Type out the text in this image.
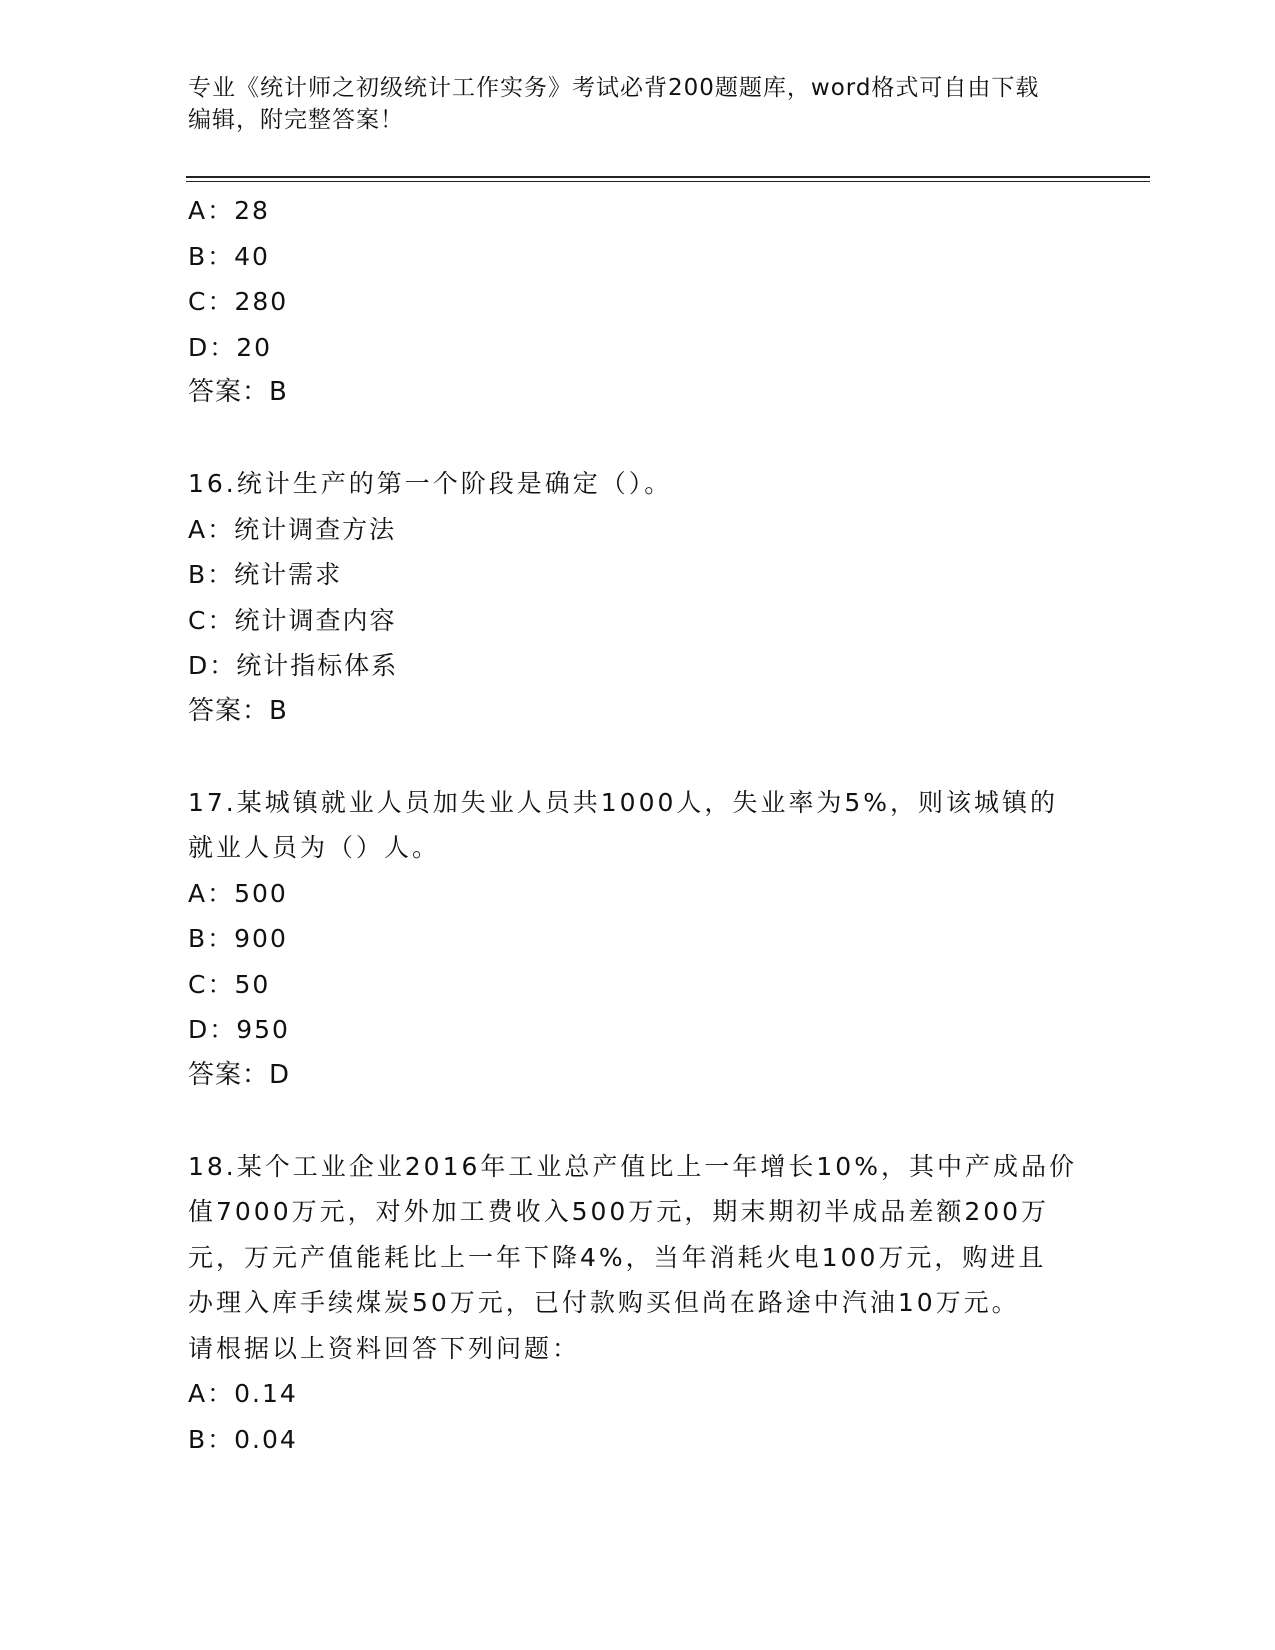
专业《统计师之初级统计工作实务》考试必背200题题库，word格式可自由下载
编辑，附完整答案！
A：28
B：40
C：280
D：20
答案：B
16.统计生产的第一个阶段是确定（）。
A：统计调查方法
B：统计需求
C：统计调查内容
D：统计指标体系
答案：B
17.某城镇就业人员加失业人员共1000人，失业率为5%，则该城镇的
就业人员为（）人。
A：500
B：900
C：50
D：950
答案：D
18.某个工业企业2016年工业总产值比上一年增长10%，其中产成品价
值7000万元，对外加工费收入500万元，期末期初半成品差额200万
元，万元产值能耗比上一年下降4%，当年消耗火电100万元，购进且
办理入库手续煤炭50万元，已付款购买但尚在路途中汽油10万元。
请根据以上资料回答下列问题：
A：0.14
B：0.04
